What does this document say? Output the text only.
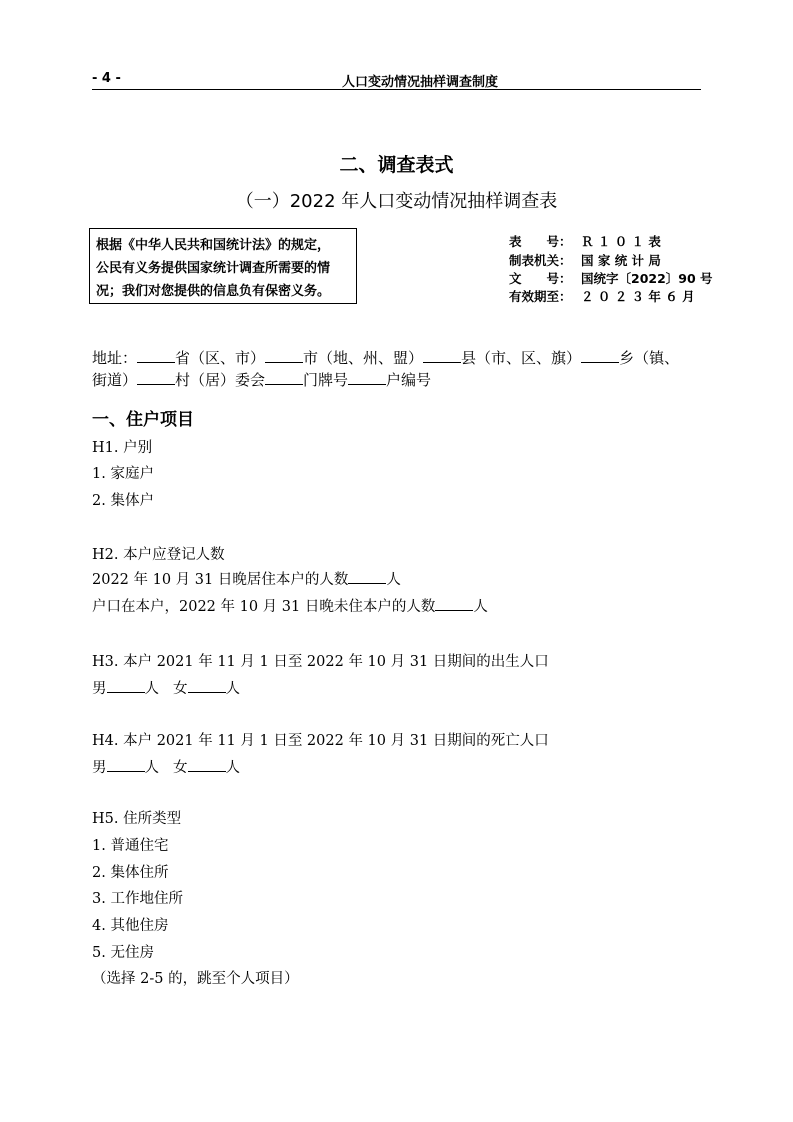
- 4 -	人口变动情况抽样调查制度
二、调查表式
（一）2022 年人口变动情况抽样调查表
根据《中华人民共和国统计法》的规定，
公民有义务提供国家统计调查所需要的情
况；我们对您提供的信息负有保密义务。
表　　号： Ｒ １ ０ １ 表
制表机关： 国 家 统 计 局
文　　号： 国统字〔2022〕90 号
有效期至： ２ ０ ２ ３ 年 ６ 月
地址：	省（区、市）	市（地、州、盟）	县（市、区、旗）	乡（镇、
街道）	村（居）委会	门牌号	户编号
一、住户项目
H1. 户别
1. 家庭户
2. 集体户
H2. 本户应登记人数
2022 年 10 月 31 日晚居住本户的人数	人
户口在本户，2022 年 10 月 31 日晚未住本户的人数	人
H3. 本户 2021 年 11 月 1 日至 2022 年 10 月 31 日期间的出生人口
男	人 女	人
H4. 本户 2021 年 11 月 1 日至 2022 年 10 月 31 日期间的死亡人口
男	人 女	人
H5. 住所类型
1. 普通住宅
2. 集体住所
3. 工作地住所
4. 其他住房
5. 无住房
（选择 2-5 的，跳至个人项目）
